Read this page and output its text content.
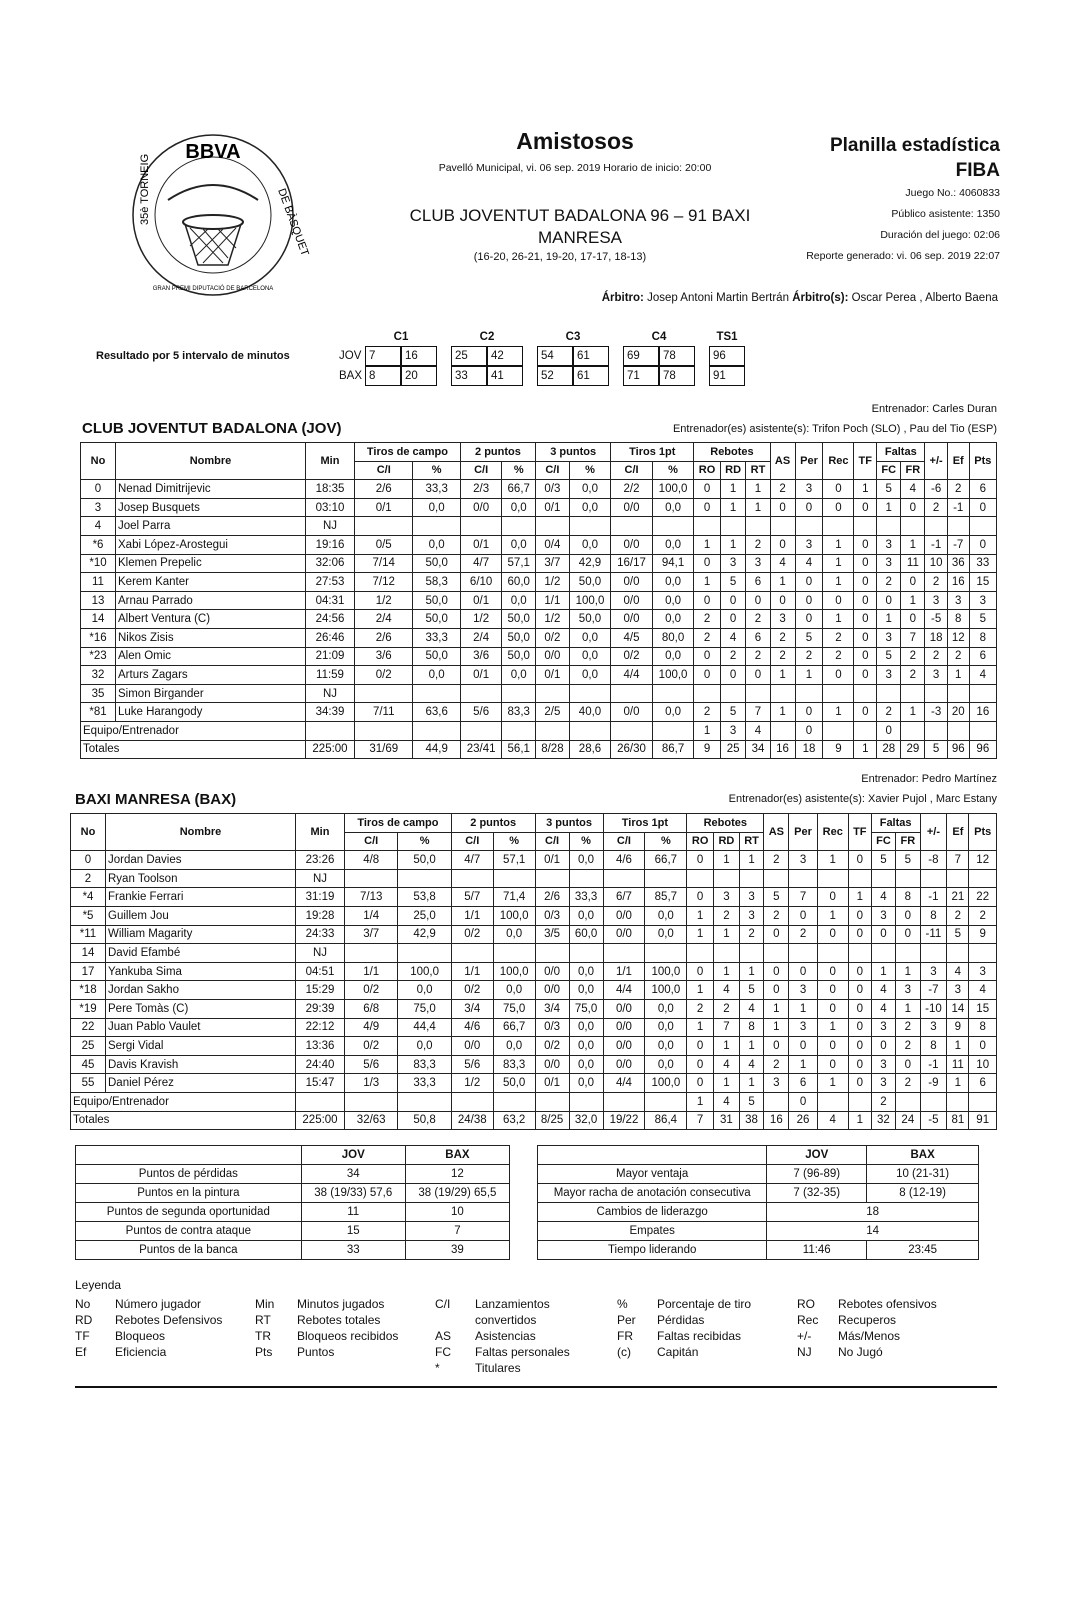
BBVA
35è TORNEIG	DE BÀSQUET
GRAN PREMI DIPUTACIÓ DE BARCELONA
Amistosos
Pavelló Municipal, vi. 06 sep. 2019 Horario de inicio: 20:00
CLUB JOVENTUT BADALONA 96 – 91 BAXI
MANRESA
(16-20, 26-21, 19-20, 17-17, 18-13)
Planilla estadística
FIBA
Juego No.: 4060833
Público asistente: 1350
Duración del juego: 02:06
Reporte generado: vi. 06 sep. 2019 22:07
Árbitro: Josep Antoni Martin Bertrán Árbitro(s): Oscar Perea , Alberto Baena
Resultado por 5 intervalo de minutos
	C1			C2			C3			C4			TS1
JOV	7	16		25	42		54	61		69	78		96
BAX	8	20		33	41		52	61		71	78		91
Entrenador: Carles Duran
CLUB JOVENTUT BADALONA (JOV)	Entrenador(es) asistente(s): Trifon Poch (SLO) , Pau del Tio (ESP)
No	Nombre	Min	Tiros de campo		2 puntos		3 puntos		Tiros 1pt		Rebotes			AS	Per	Rec	TF	Faltas		+/-	Ef	Pts
			C/I	%	C/I	%	C/I	%	C/I	%	RO	RD	RT					FC	FR			
0	Nenad Dimitrijevic	18:35	2/6	33,3	2/3	66,7	0/3	0,0	2/2	100,0	0	1	1	2	3	0	1	5	4	-6	2	6
3	Josep Busquets	03:10	0/1	0,0	0/0	0,0	0/1	0,0	0/0	0,0	0	1	1	0	0	0	0	1	0	2	-1	0
4	Joel Parra	NJ																				
*6	Xabi López-Arostegui	19:16	0/5	0,0	0/1	0,0	0/4	0,0	0/0	0,0	1	1	2	0	3	1	0	3	1	-1	-7	0
*10	Klemen Prepelic	32:06	7/14	50,0	4/7	57,1	3/7	42,9	16/17	94,1	0	3	3	4	4	1	0	3	11	10	36	33
11	Kerem Kanter	27:53	7/12	58,3	6/10	60,0	1/2	50,0	0/0	0,0	1	5	6	1	0	1	0	2	0	2	16	15
13	Arnau Parrado	04:31	1/2	50,0	0/1	0,0	1/1	100,0	0/0	0,0	0	0	0	0	0	0	0	0	1	3	3	3
14	Albert Ventura (C)	24:56	2/4	50,0	1/2	50,0	1/2	50,0	0/0	0,0	2	0	2	3	0	1	0	1	0	-5	8	5
*16	Nikos Zisis	26:46	2/6	33,3	2/4	50,0	0/2	0,0	4/5	80,0	2	4	6	2	5	2	0	3	7	18	12	8
*23	Alen Omic	21:09	3/6	50,0	3/6	50,0	0/0	0,0	0/2	0,0	0	2	2	2	2	2	0	5	2	2	2	6
32	Arturs Zagars	11:59	0/2	0,0	0/1	0,0	0/1	0,0	4/4	100,0	0	0	0	1	1	0	0	3	2	3	1	4
35	Simon Birgander	NJ																				
*81	Luke Harangody	34:39	7/11	63,6	5/6	83,3	2/5	40,0	0/0	0,0	2	5	7	1	0	1	0	2	1	-3	20	16
Equipo/Entrenador											1	3	4		0			0				
Totales		225:00	31/69	44,9	23/41	56,1	8/28	28,6	26/30	86,7	9	25	34	16	18	9	1	28	29	5	96	96
Entrenador: Pedro Martínez
BAXI MANRESA (BAX)	Entrenador(es) asistente(s): Xavier Pujol , Marc Estany
No	Nombre	Min	Tiros de campo		2 puntos		3 puntos		Tiros 1pt		Rebotes			AS	Per	Rec	TF	Faltas		+/-	Ef	Pts
			C/I	%	C/I	%	C/I	%	C/I	%	RO	RD	RT					FC	FR			
0	Jordan Davies	23:26	4/8	50,0	4/7	57,1	0/1	0,0	4/6	66,7	0	1	1	2	3	1	0	5	5	-8	7	12
2	Ryan Toolson	NJ																				
*4	Frankie Ferrari	31:19	7/13	53,8	5/7	71,4	2/6	33,3	6/7	85,7	0	3	3	5	7	0	1	4	8	-1	21	22
*5	Guillem Jou	19:28	1/4	25,0	1/1	100,0	0/3	0,0	0/0	0,0	1	2	3	2	0	1	0	3	0	8	2	2
*11	William Magarity	24:33	3/7	42,9	0/2	0,0	3/5	60,0	0/0	0,0	1	1	2	0	2	0	0	0	0	-11	5	9
14	David Efambé	NJ																				
17	Yankuba Sima	04:51	1/1	100,0	1/1	100,0	0/0	0,0	1/1	100,0	0	1	1	0	0	0	0	1	1	3	4	3
*18	Jordan Sakho	15:29	0/2	0,0	0/2	0,0	0/0	0,0	4/4	100,0	1	4	5	0	3	0	0	4	3	-7	3	4
*19	Pere Tomàs (C)	29:39	6/8	75,0	3/4	75,0	3/4	75,0	0/0	0,0	2	2	4	1	1	0	0	4	1	-10	14	15
22	Juan Pablo Vaulet	22:12	4/9	44,4	4/6	66,7	0/3	0,0	0/0	0,0	1	7	8	1	3	1	0	3	2	3	9	8
25	Sergi Vidal	13:36	0/2	0,0	0/0	0,0	0/2	0,0	0/0	0,0	0	1	1	0	0	0	0	0	2	8	1	0
45	Davis Kravish	24:40	5/6	83,3	5/6	83,3	0/0	0,0	0/0	0,0	0	4	4	2	1	0	0	3	0	-1	11	10
55	Daniel Pérez	15:47	1/3	33,3	1/2	50,0	0/1	0,0	4/4	100,0	0	1	1	3	6	1	0	3	2	-9	1	6
Equipo/Entrenador											1	4	5		0			2				
Totales		225:00	32/63	50,8	24/38	63,2	8/25	32,0	19/22	86,4	7	31	38	16	26	4	1	32	24	-5	81	91
	JOV	BAX
Puntos de pérdidas	34	12
Puntos en la pintura	38 (19/33) 57,6	38 (19/29) 65,5
Puntos de segunda oportunidad	11	10
Puntos de contra ataque	15	7
Puntos de la banca	33	39
	JOV	BAX
Mayor ventaja	7 (96-89)	10 (21-31)
Mayor racha de anotación consecutiva	7 (32-35)	8 (12-19)
Cambios de liderazgo	18	
Empates	14	
Tiempo liderando	11:46	23:45
Leyenda
No Número jugador
RD Rebotes Defensivos
TF Bloqueos
Ef Eficiencia
Min Minutos jugados
RT Rebotes totales
TR Bloqueos recibidos
Pts Puntos
C/I Lanzamientos
convertidos
AS Asistencias
FC Faltas personales
*	Titulares
% Porcentaje de tiro
Per Pérdidas
FR Faltas recibidas
(c) Capitán
RO Rebotes ofensivos
Rec Recuperos
+/- Más/Menos
NJ No Jugó
